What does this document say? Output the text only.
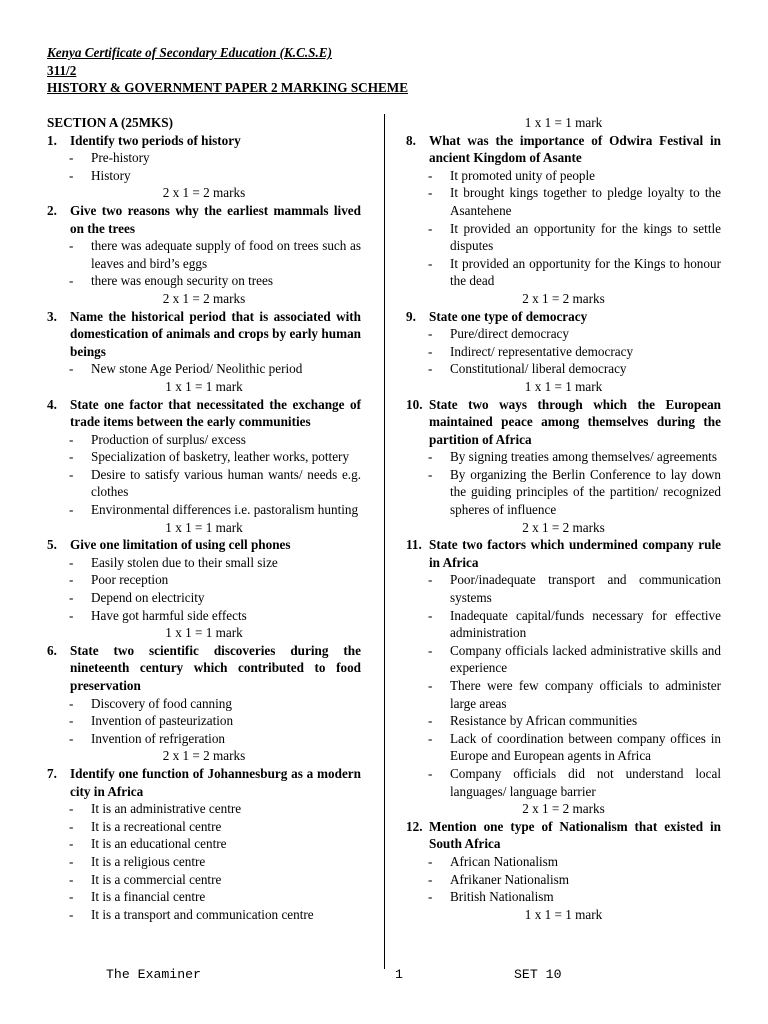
Kenya Certificate of Secondary Education (K.C.S.E)
311/2
HISTORY & GOVERNMENT PAPER 2 MARKING SCHEME
SECTION A (25MKS)
1. Identify two periods of history
-	Pre-history
-	History
2 x 1 = 2 marks
2. Give two reasons why the earliest mammals lived on the trees
-	there was adequate supply of food on trees such as leaves and bird’s eggs
-	there was enough security on trees
2 x 1 = 2 marks
3. Name the historical period that is associated with domestication of animals and crops by early human beings
-	New stone Age Period/ Neolithic period
1 x 1 = 1 mark
4. State one factor that necessitated the exchange of trade items between the early communities
-	Production of surplus/ excess
-	Specialization of basketry, leather works, pottery
-	Desire to satisfy various human wants/ needs e.g. clothes
-	Environmental differences i.e. pastoralism hunting
1 x 1 = 1 mark
5. Give one limitation of using cell phones
-	Easily stolen due to their small size
-	Poor reception
-	Depend on electricity
-	Have got harmful side effects
1 x 1 = 1 mark
6. State two scientific discoveries during the nineteenth century which contributed to food preservation
-	Discovery of food canning
-	Invention of pasteurization
-	Invention of refrigeration
2 x 1 = 2 marks
7. Identify one function of Johannesburg as a modern city in Africa
-	It is an administrative centre
-	It is a recreational centre
-	It is an educational centre
-	It is a religious centre
-	It is a commercial centre
-	It is a financial centre
-	It is a transport and communication centre
1 x 1 = 1 mark
8. What was the importance of Odwira Festival in ancient Kingdom of Asante
-	It promoted unity of people
-	It brought kings together to pledge loyalty to the Asantehene
-	It provided an opportunity for the kings to settle disputes
-	It provided an opportunity for the Kings to honour the dead
2 x 1 = 2 marks
9. State one type of democracy
-	Pure/direct democracy
-	Indirect/ representative democracy
-	Constitutional/ liberal democracy
1 x 1 = 1 mark
10. State two ways through which the European maintained peace among themselves during the partition of Africa
-	By signing treaties among themselves/ agreements
-	By organizing the Berlin Conference to lay down the guiding principles of the partition/ recognized spheres of influence
2 x 1 = 2 marks
11. State two factors which undermined company rule in Africa
-	Poor/inadequate transport and communication systems
-	Inadequate capital/funds necessary for effective administration
-	Company officials lacked administrative skills and experience
-	There were few company officials to administer large areas
-	Resistance by African communities
-	Lack of coordination between company offices in Europe and European agents in Africa
-	Company officials did not understand local languages/ language barrier
2 x 1 = 2 marks
12. Mention one type of Nationalism that existed in South Africa
-	African Nationalism
-	Afrikaner Nationalism
-	British Nationalism
1 x 1 = 1 mark
The Examiner	1	SET 10
